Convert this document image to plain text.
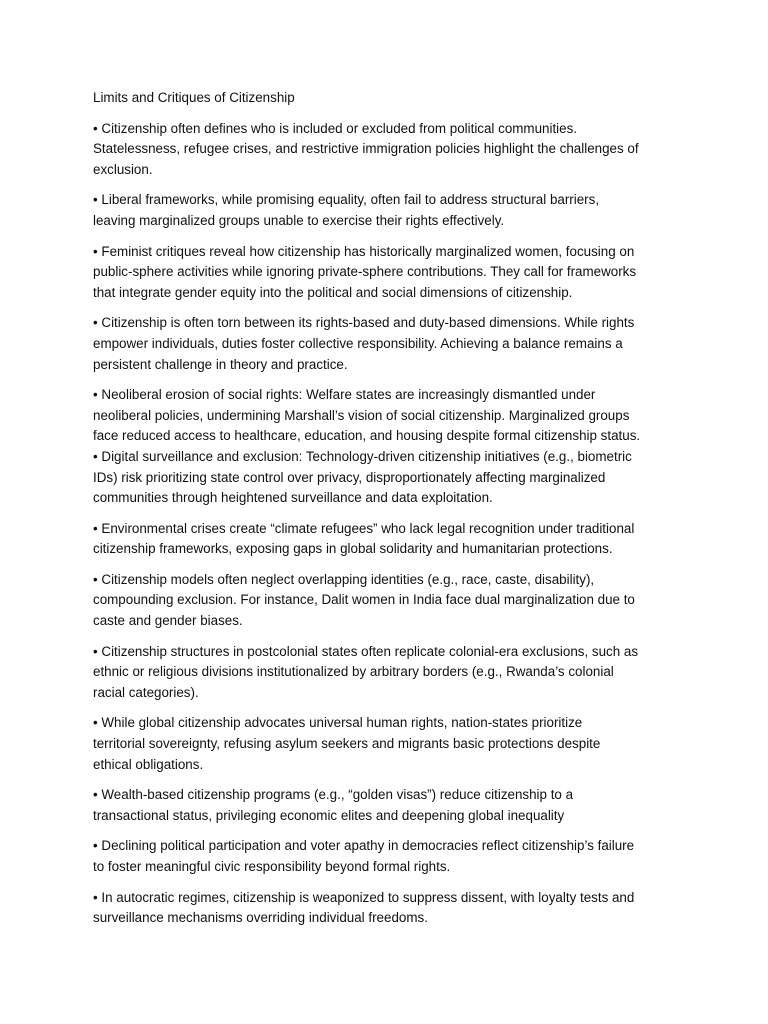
Limits and Critiques of Citizenship
• Citizenship often defines who is included or excluded from political communities.
Statelessness, refugee crises, and restrictive immigration policies highlight the challenges of
exclusion.
• Liberal frameworks, while promising equality, often fail to address structural barriers,
leaving marginalized groups unable to exercise their rights effectively.
• Feminist critiques reveal how citizenship has historically marginalized women, focusing on
public-sphere activities while ignoring private-sphere contributions. They call for frameworks
that integrate gender equity into the political and social dimensions of citizenship.
• Citizenship is often torn between its rights-based and duty-based dimensions. While rights
empower individuals, duties foster collective responsibility. Achieving a balance remains a
persistent challenge in theory and practice.
• Neoliberal erosion of social rights: Welfare states are increasingly dismantled under
neoliberal policies, undermining Marshall’s vision of social citizenship. Marginalized groups
face reduced access to healthcare, education, and housing despite formal citizenship status.
• Digital surveillance and exclusion: Technology-driven citizenship initiatives (e.g., biometric
IDs) risk prioritizing state control over privacy, disproportionately affecting marginalized
communities through heightened surveillance and data exploitation.
• Environmental crises create “climate refugees” who lack legal recognition under traditional
citizenship frameworks, exposing gaps in global solidarity and humanitarian protections.
• Citizenship models often neglect overlapping identities (e.g., race, caste, disability),
compounding exclusion. For instance, Dalit women in India face dual marginalization due to
caste and gender biases.
• Citizenship structures in postcolonial states often replicate colonial-era exclusions, such as
ethnic or religious divisions institutionalized by arbitrary borders (e.g., Rwanda’s colonial
racial categories).
• While global citizenship advocates universal human rights, nation-states prioritize
territorial sovereignty, refusing asylum seekers and migrants basic protections despite
ethical obligations.
• Wealth-based citizenship programs (e.g., “golden visas”) reduce citizenship to a
transactional status, privileging economic elites and deepening global inequality
• Declining political participation and voter apathy in democracies reflect citizenship’s failure
to foster meaningful civic responsibility beyond formal rights.
• In autocratic regimes, citizenship is weaponized to suppress dissent, with loyalty tests and
surveillance mechanisms overriding individual freedoms.
